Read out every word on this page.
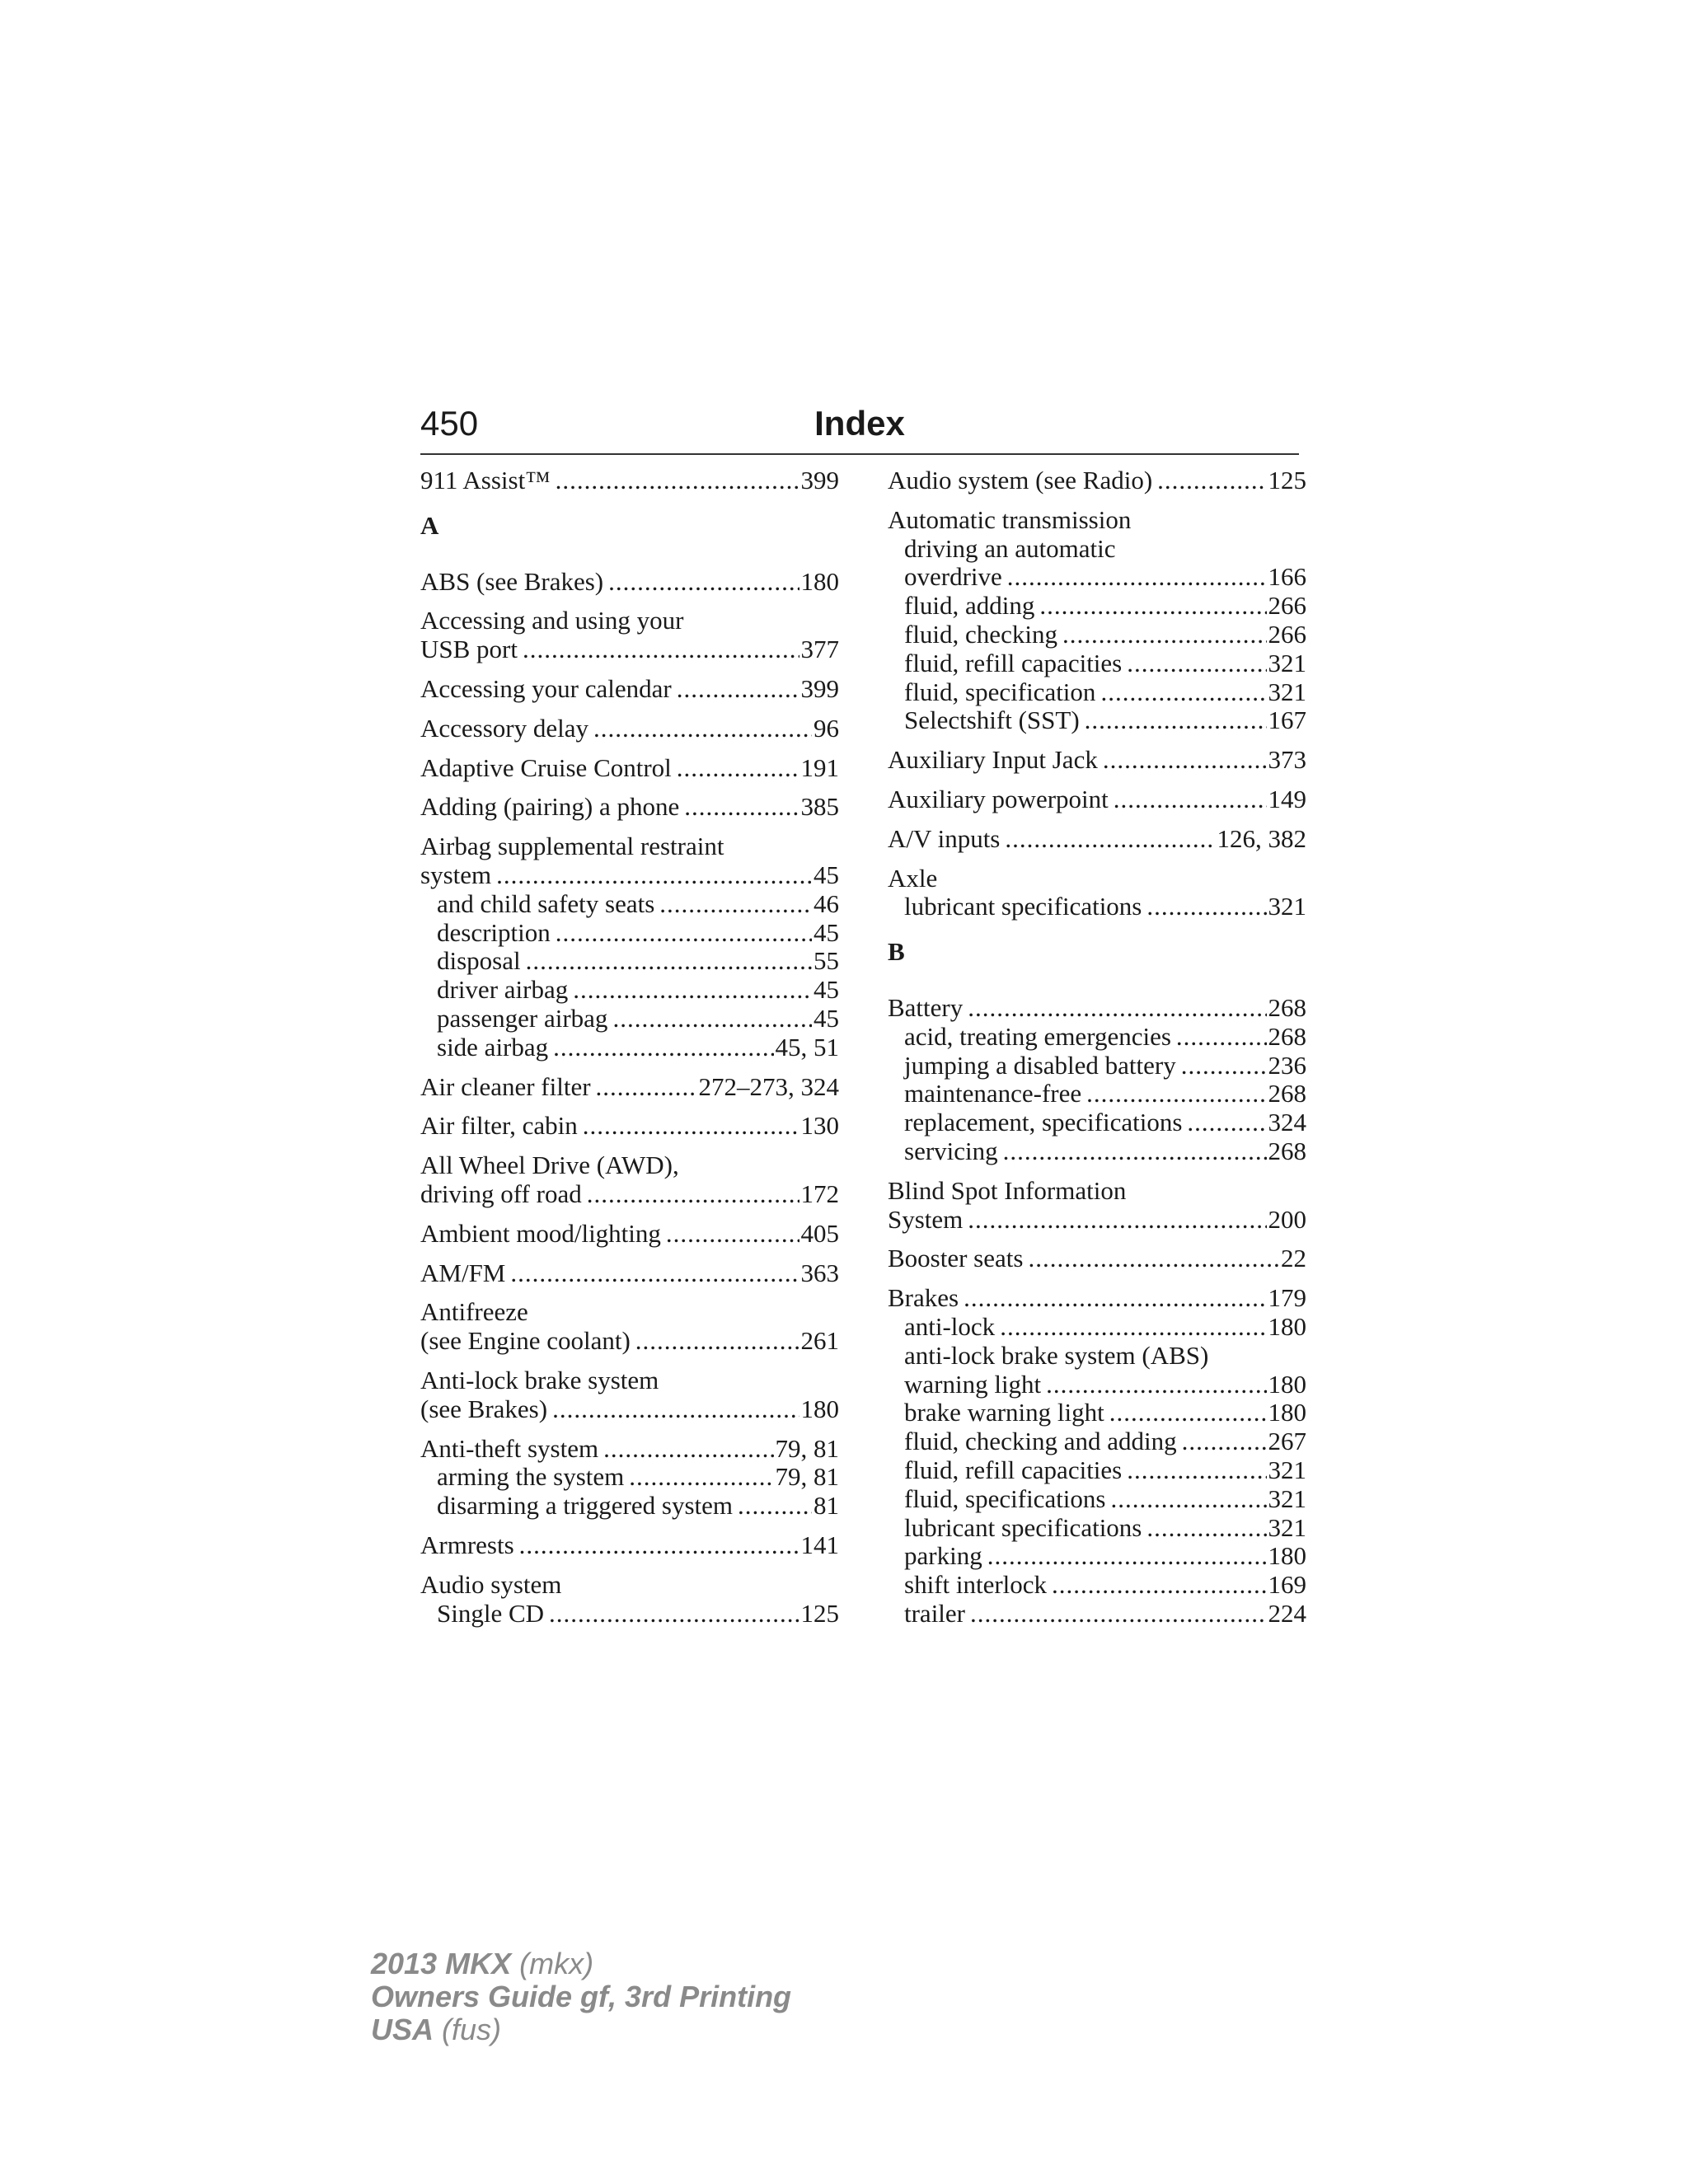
450	Index
911 Assist™ .....	399
A
ABS (see Brakes) .....	180
Accessing and using your
USB port .....	377
Accessing your calendar .....	399
Accessory delay .....	96
Adaptive Cruise Control .....	191
Adding (pairing) a phone .....	385
Airbag supplemental restraint
system .....	45
and child safety seats .....	46
description .....	45
disposal .....	55
driver airbag .....	45
passenger airbag .....	45
side airbag .....	45, 51
Air cleaner filter .....	272–273, 324
Air filter, cabin .....	130
All Wheel Drive (AWD),
driving off road .....	172
Ambient mood/lighting .....	405
AM/FM .....	363
Antifreeze
(see Engine coolant) .....	261
Anti-lock brake system
(see Brakes) .....	180
Anti-theft system .....	79, 81
arming the system .....	79, 81
disarming a triggered system .....	81
Armrests .....	141
Audio system
Single CD .....	125
Audio system (see Radio) .....	125
Automatic transmission
driving an automatic
overdrive .....	166
fluid, adding .....	266
fluid, checking .....	266
fluid, refill capacities .....	321
fluid, specification .....	321
Selectshift (SST) .....	167
Auxiliary Input Jack .....	373
Auxiliary powerpoint .....	149
A/V inputs .....	126, 382
Axle
lubricant specifications .....	321
B
Battery .....	268
acid, treating emergencies .....	268
jumping a disabled battery .....	236
maintenance-free .....	268
replacement, specifications .....	324
servicing .....	268
Blind Spot Information
System .....	200
Booster seats .....	22
Brakes .....	179
anti-lock .....	180
anti-lock brake system (ABS)
warning light .....	180
brake warning light .....	180
fluid, checking and adding .....	267
fluid, refill capacities .....	321
fluid, specifications .....	321
lubricant specifications .....	321
parking .....	180
shift interlock .....	169
trailer .....	224
2013 MKX (mkx)
Owners Guide gf, 3rd Printing
USA (fus)
